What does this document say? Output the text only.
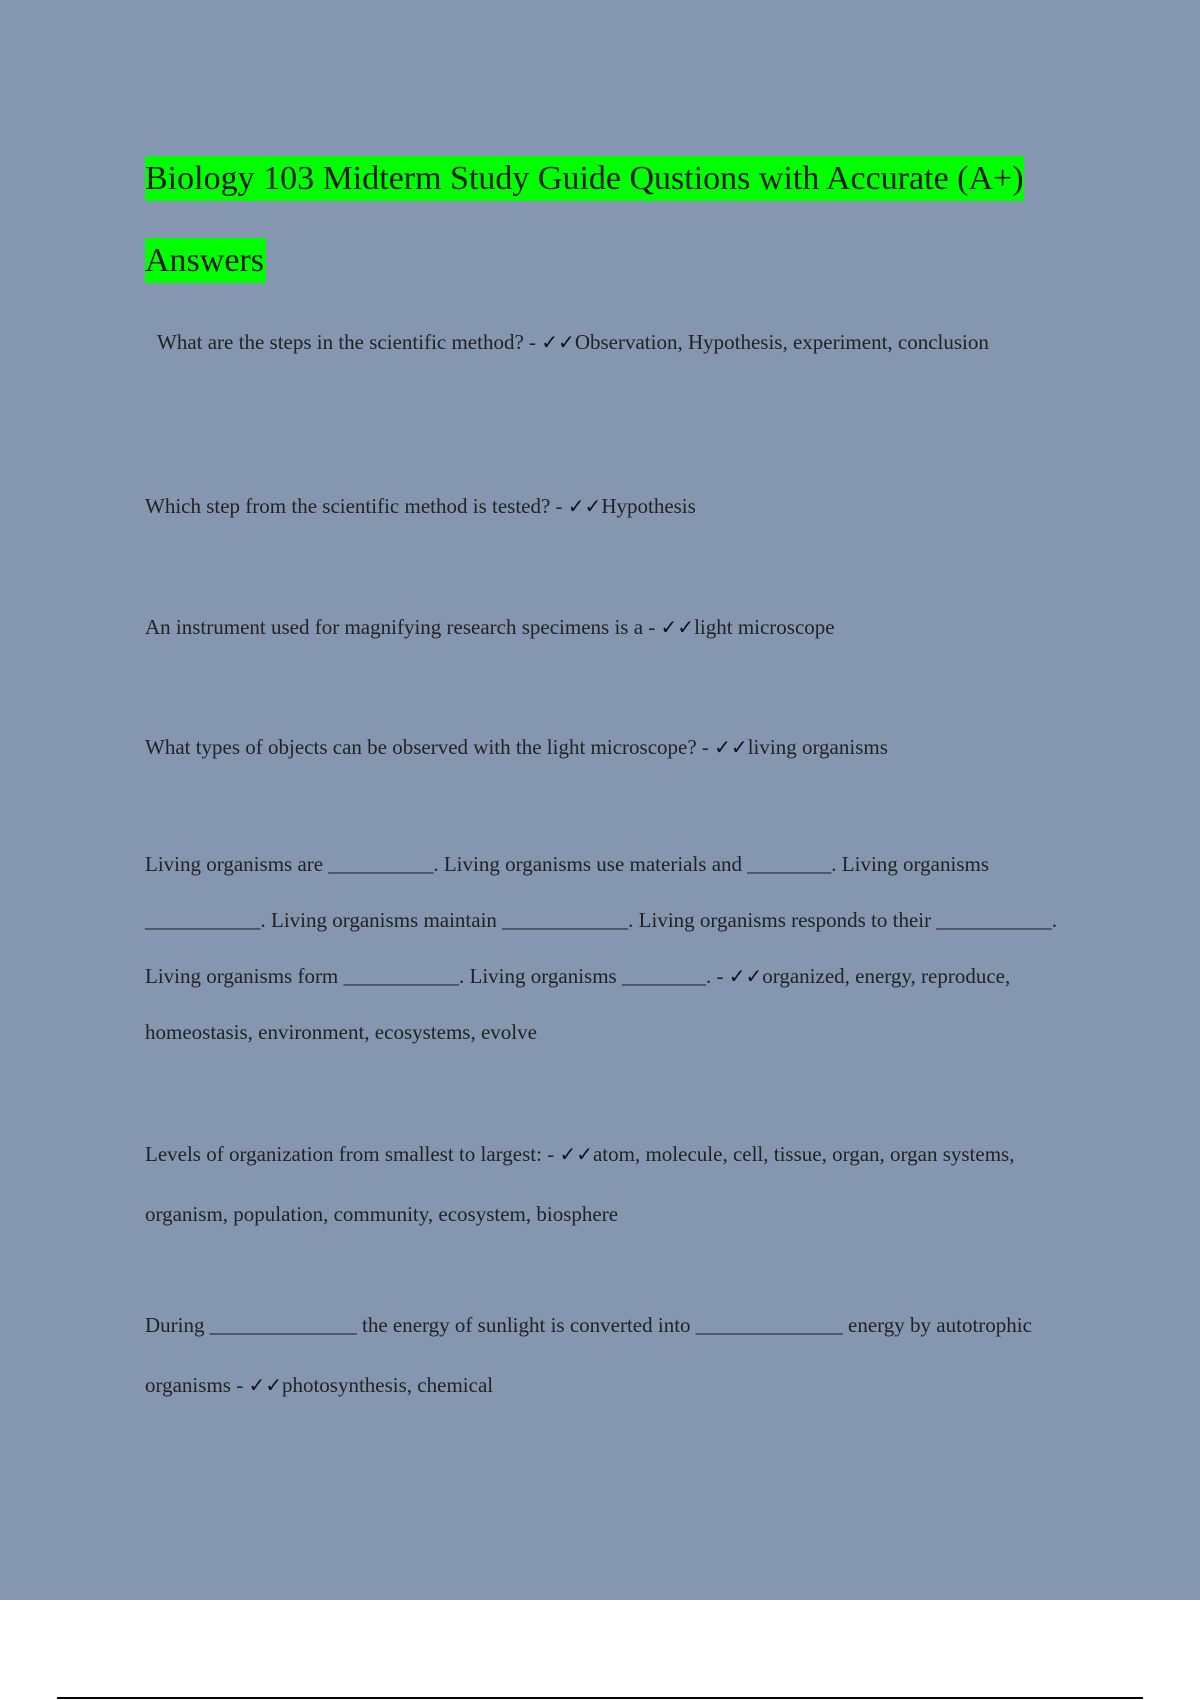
Biology 103 Midterm Study Guide Qustions with Accurate (A+) Answers

What are the steps in the scientific method? - ✓✓Observation, Hypothesis, experiment, conclusion

Which step from the scientific method is tested? - ✓✓Hypothesis

An instrument used for magnifying research specimens is a - ✓✓light microscope

What types of objects can be observed with the light microscope? - ✓✓living organisms

Living organisms are __________. Living organisms use materials and ________. Living organisms ___________. Living organisms maintain ____________. Living organisms responds to their ___________. Living organisms form ___________. Living organisms ________. - ✓✓organized, energy, reproduce, homeostasis, environment, ecosystems, evolve

Levels of organization from smallest to largest: - ✓✓atom, molecule, cell, tissue, organ, organ systems, organism, population, community, ecosystem, biosphere

During ______________ the energy of sunlight is converted into ______________ energy by autotrophic organisms - ✓✓photosynthesis, chemical
